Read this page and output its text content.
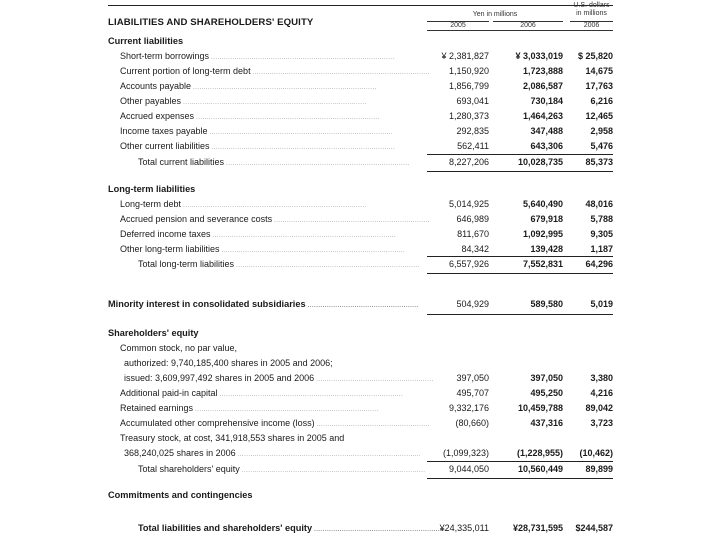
LIABILITIES AND SHAREHOLDERS' EQUITY
Yen in millions
U.S. dollars
in millions
2005	2006	2006
Current liabilities
Short-term borrowings . . .	¥ 2,381,827	¥ 3,033,019	$ 25,820
Current portion of long-term debt . . .	1,150,920	1,723,888	14,675
Accounts payable . . .	1,856,799	2,086,587	17,763
Other payables . . .	693,041	730,184	6,216
Accrued expenses . . .	1,280,373	1,464,263	12,465
Income taxes payable . . .	292,835	347,488	2,958
Other current liabilities . . .	562,411	643,306	5,476
Total current liabilities . . .	8,227,206	10,028,735	85,373
Long-term liabilities
Long-term debt . . .	5,014,925	5,640,490	48,016
Accrued pension and severance costs . . .	646,989	679,918	5,788
Deferred income taxes . . .	811,670	1,092,995	9,305
Other long-term liabilities . . .	84,342	139,428	1,187
Total long-term liabilities . . .	6,557,926	7,552,831	64,296
Minority interest in consolidated subsidiaries . . .	504,929	589,580	5,019
Shareholders' equity
Common stock, no par value,
authorized: 9,740,185,400 shares in 2005 and 2006;
issued: 3,609,997,492 shares in 2005 and 2006 . . .	397,050	397,050	3,380
Additional paid-in capital . . .	495,707	495,250	4,216
Retained earnings . . .	9,332,176	10,459,788	89,042
Accumulated other comprehensive income (loss) . . .	(80,660)	437,316	3,723
Treasury stock, at cost, 341,918,553 shares in 2005 and
368,240,025 shares in 2006 . . .	(1,099,323)	(1,228,955)	(10,462)
Total shareholders' equity . . .	9,044,050	10,560,449	89,899
Commitments and contingencies
Total liabilities and shareholders' equity . . .	¥24,335,011	¥28,731,595	$244,587
